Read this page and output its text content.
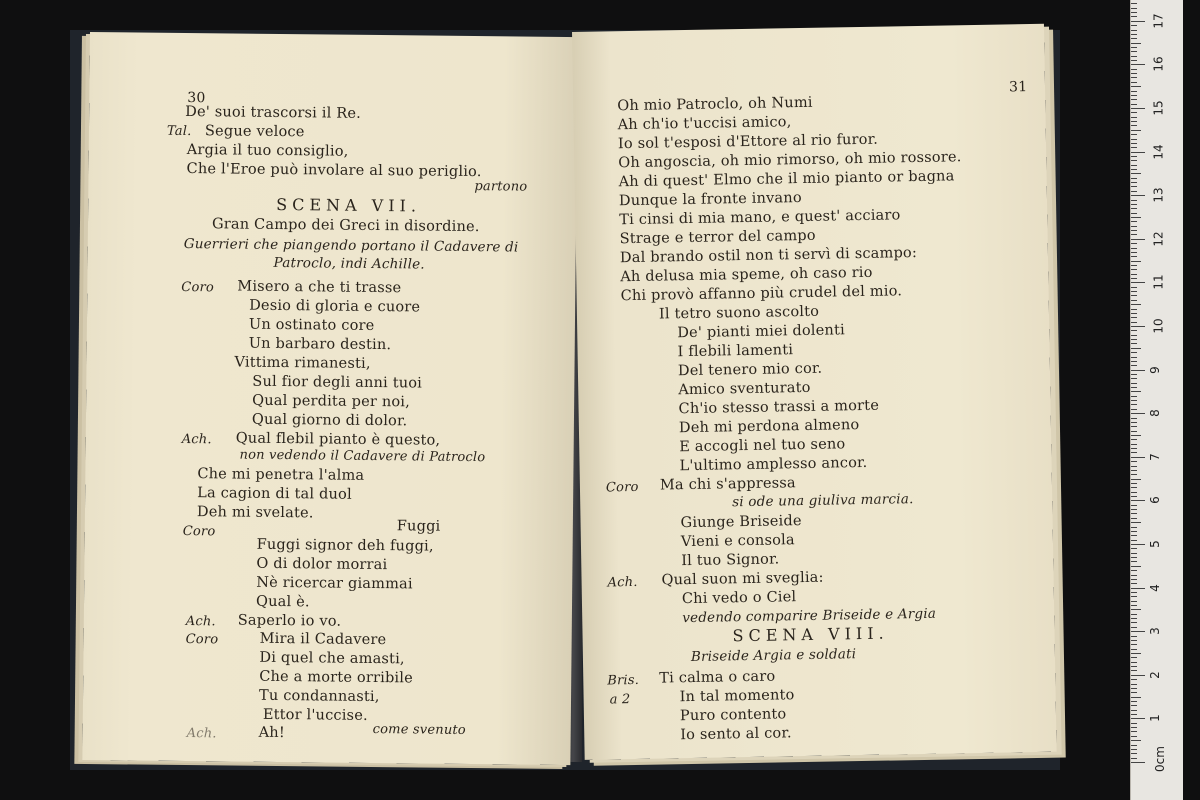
30
De' suoi trascorsi il Re.
Tal. Segue veloce
Argia il tuo consiglio,
Che l'Eroe può involare al suo periglio.
partono
SCENA VII.
Gran Campo dei Greci in disordine.
Guerrieri che piangendo portano il Cadavere di
Patroclo, indi Achille.
Coro Misero a che ti trasse
Desio di gloria e cuore
Un ostinato core
Un barbaro destin.
Vittima rimanesti,
Sul fior degli anni tuoi
Qual perdita per noi,
Qual giorno di dolor.
Ach. Qual flebil pianto è questo,
non vedendo il Cadavere di Patroclo
Che mi penetra l'alma
La cagion di tal duol
Deh mi svelate.
Coro	Fuggi
Fuggi signor deh fuggi,
O di dolor morrai
Nè ricercar giammai
Qual è.
Ach. Saperlo io vo.
Coro	Mira il Cadavere
Di quel che amasti,
Che a morte orribile
Tu condannasti,
Ettor l'uccise.
Ach.	Ah!	come svenuto
31
Oh mio Patroclo, oh Numi
Ah ch'io t'uccisi amico,
Io sol t'esposi d'Ettore al rio furor.
Oh angoscia, oh mio rimorso, oh mio rossore.
Ah di quest' Elmo che il mio pianto or bagna
Dunque la fronte invano
Ti cinsi di mia mano, e quest' acciaro
Strage e terror del campo
Dal brando ostil non ti servì di scampo:
Ah delusa mia speme, oh caso rio
Chi provò affanno più crudel del mio.
Il tetro suono ascolto
De' pianti miei dolenti
I flebili lamenti
Del tenero mio cor.
Amico sventurato
Ch'io stesso trassi a morte
Deh mi perdona almeno
E accogli nel tuo seno
L'ultimo amplesso ancor.
Coro Ma chi s'appressa
si ode una giuliva marcia.
Giunge Briseide
Vieni e consola
Il tuo Signor.
Ach. Qual suon mi sveglia:
Chi vedo o Ciel
vedendo comparire Briseide e Argia
SCENA VIII.
Briseide Argia e soldati
Bris. Ti calma o caro
a 2	In tal momento
Puro contento
Io sento al cor.
0cm
1
2
3
4
5
6
7
8
9
10
11
12
13
14
15
16
17
